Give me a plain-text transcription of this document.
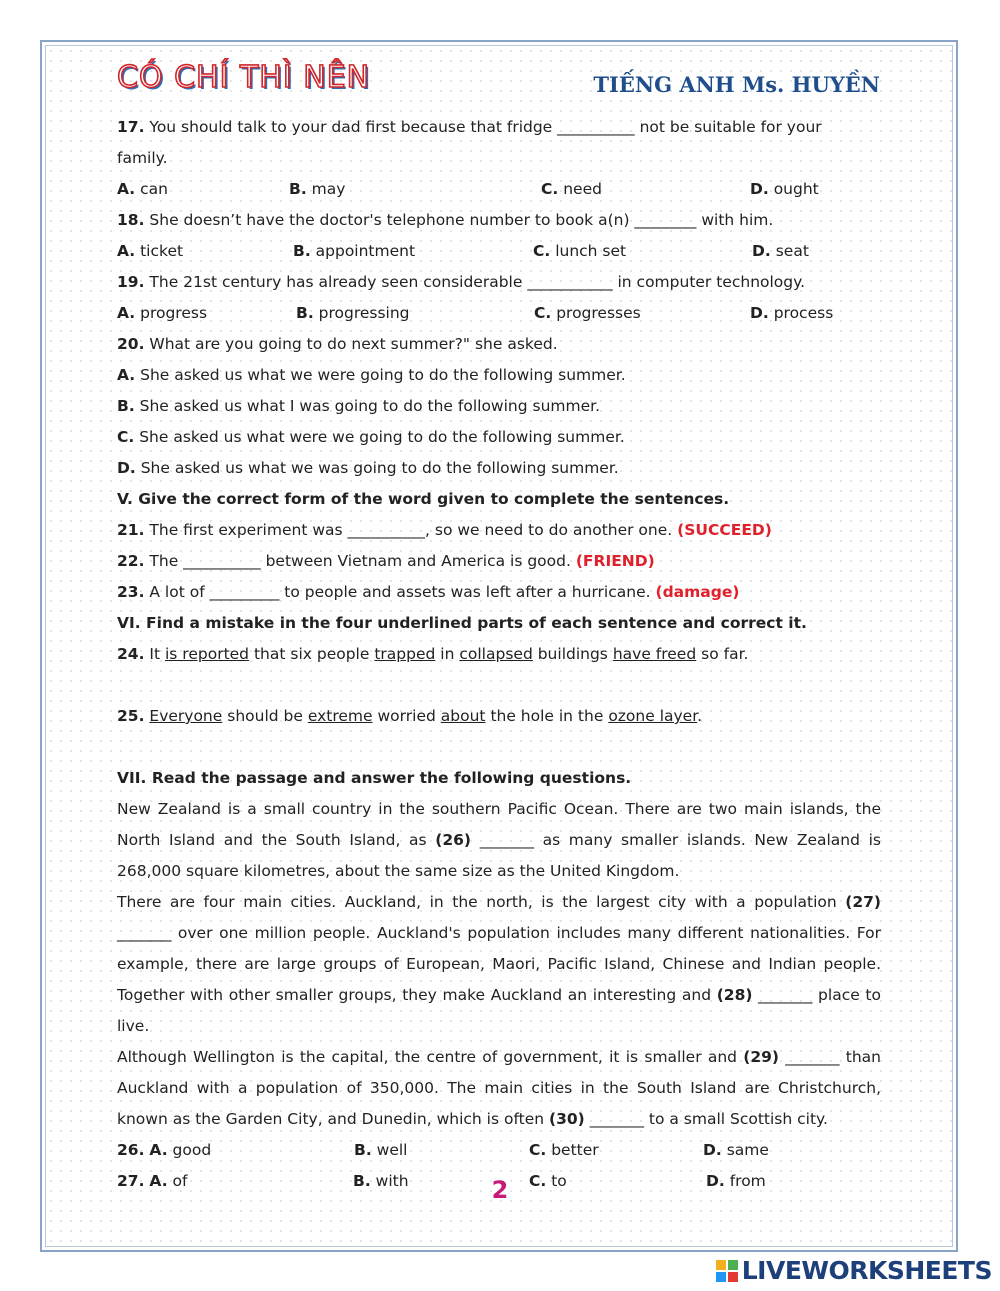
CÓ CHÍ THÌ NÊN	TIẾNG ANH Ms. HUYỀN
17. You should talk to your dad first because that fridge __________ not be suitable for your
family.
A. can	B. may	C. need	D. ought
18. She doesn’t have the doctor's telephone number to book a(n) ________ with him.
A. ticket	B. appointment	C. lunch set	D. seat
19. The 21st century has already seen considerable ___________ in computer technology.
A. progress	B. progressing	C. progresses	D. process
20. What are you going to do next summer?" she asked.
A. She asked us what we were going to do the following summer.
B. She asked us what I was going to do the following summer.
C. She asked us what were we going to do the following summer.
D. She asked us what we was going to do the following summer.
V. Give the correct form of the word given to complete the sentences.
21. The first experiment was __________, so we need to do another one. (SUCCEED)
22. The __________ between Vietnam and America is good. (FRIEND)
23. A lot of _________ to people and assets was left after a hurricane. (damage)
VI. Find a mistake in the four underlined parts of each sentence and correct it.
24. It is reported that six people trapped in collapsed buildings have freed so far.
25. Everyone should be extreme worried about the hole in the ozone layer.
VII. Read the passage and answer the following questions.
New Zealand is a small country in the southern Pacific Ocean. There are two main islands, the North Island and the South Island, as (26) _______ as many smaller islands. New Zealand is 268,000 square kilometres, about the same size as the United Kingdom.
There are four main cities. Auckland, in the north, is the largest city with a population (27) _______ over one million people. Auckland's population includes many different nationalities. For example, there are large groups of European, Maori, Pacific Island, Chinese and Indian people. Together with other smaller groups, they make Auckland an interesting and (28) _______ place to live.
Although Wellington is the capital, the centre of government, it is smaller and (29) _______ than Auckland with a population of 350,000. The main cities in the South Island are Christchurch, known as the Garden City, and Dunedin, which is often (30) _______ to a small Scottish city.
26. A. good	B. well	C. better	D. same
27. A. of	B. with	C. to	D. from
2
LIVEWORKSHEETS
